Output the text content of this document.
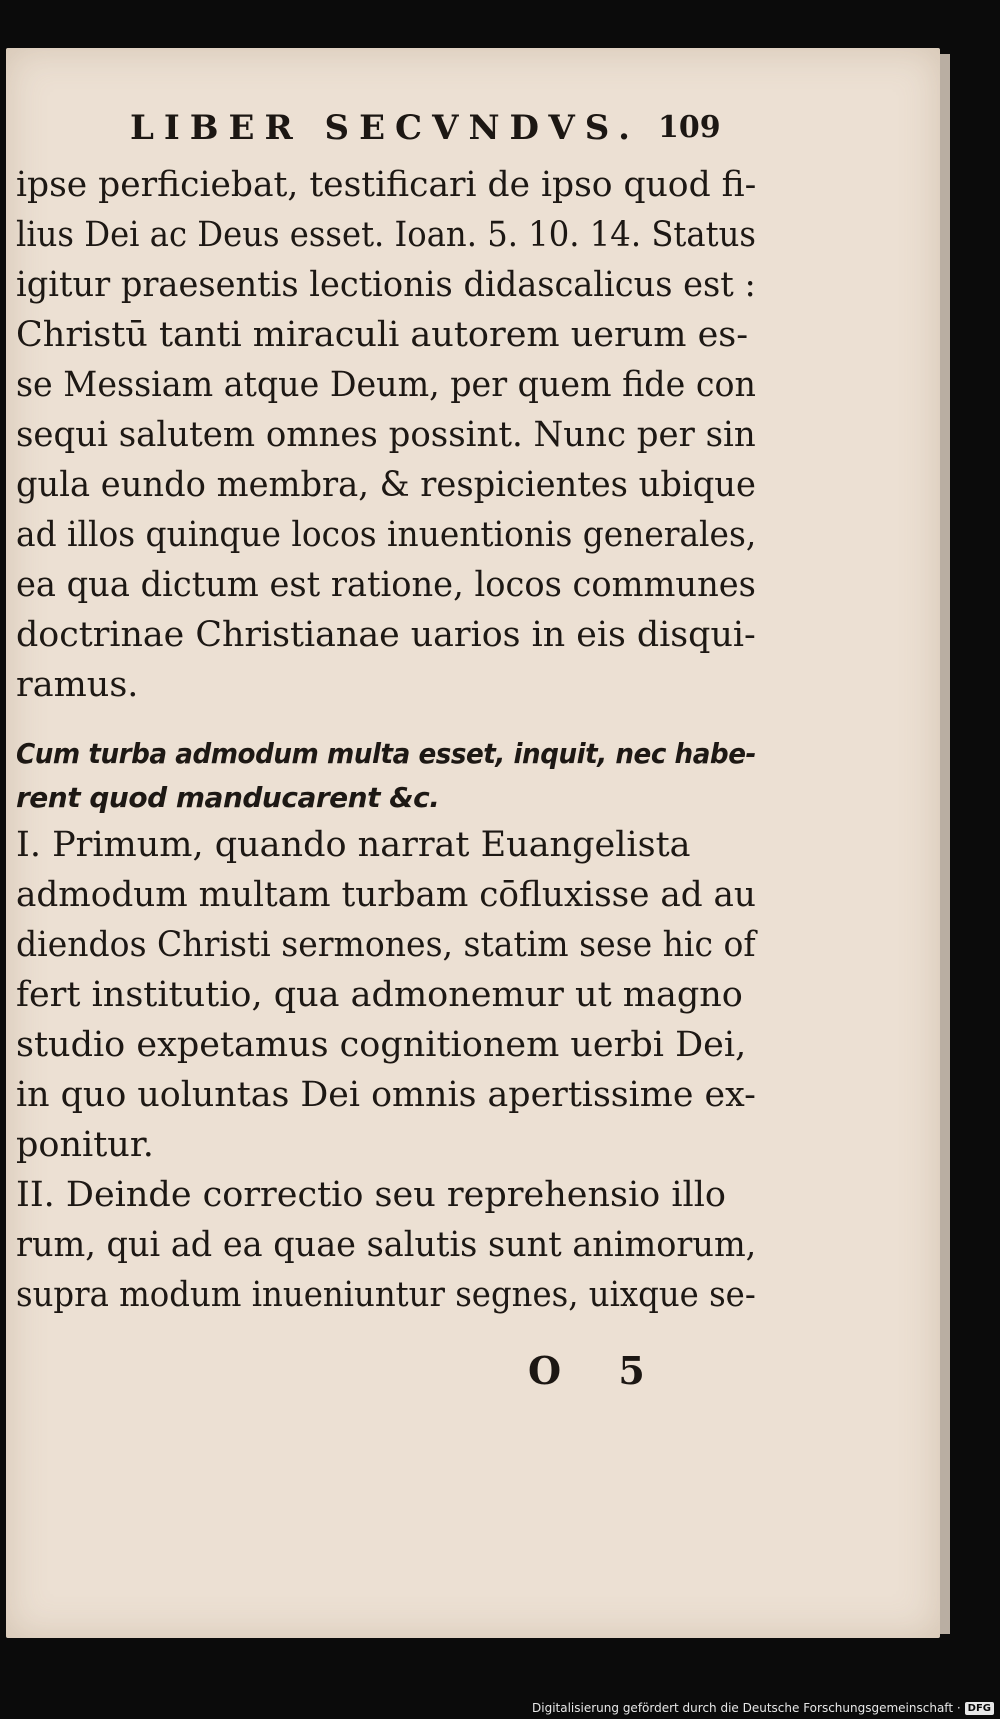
LIBER SECVNDVS. 109
ipse perficiebat, testificari de ipso quod fi-
lius Dei ac Deus esset. Ioan. 5. 10. 14. Status
igitur praesentis lectionis didascalicus est :
Christū tanti miraculi autorem uerum es-
se Messiam atque Deum, per quem fide con
sequi salutem omnes possint. Nunc per sin
gula eundo membra, & respicientes ubique
ad illos quinque locos inuentionis generales,
ea qua dictum est ratione, locos communes
doctrinae Christianae uarios in eis disqui-
ramus.
Cum turba admodum multa esset, inquit, nec habe-
rent quod manducarent &c.
I. Primum, quando narrat Euangelista
admodum multam turbam cōfluxisse ad au
diendos Christi sermones, statim sese hic of
fert institutio, qua admonemur ut magno
studio expetamus cognitionem uerbi Dei,
in quo uoluntas Dei omnis apertissime ex-
ponitur.
II. Deinde correctio seu reprehensio illo
rum, qui ad ea quae salutis sunt animorum,
supra modum inueniuntur segnes, uixque se-
O 5
Digitalisierung gefördert durch die Deutsche Forschungsgemeinschaft · DFG
